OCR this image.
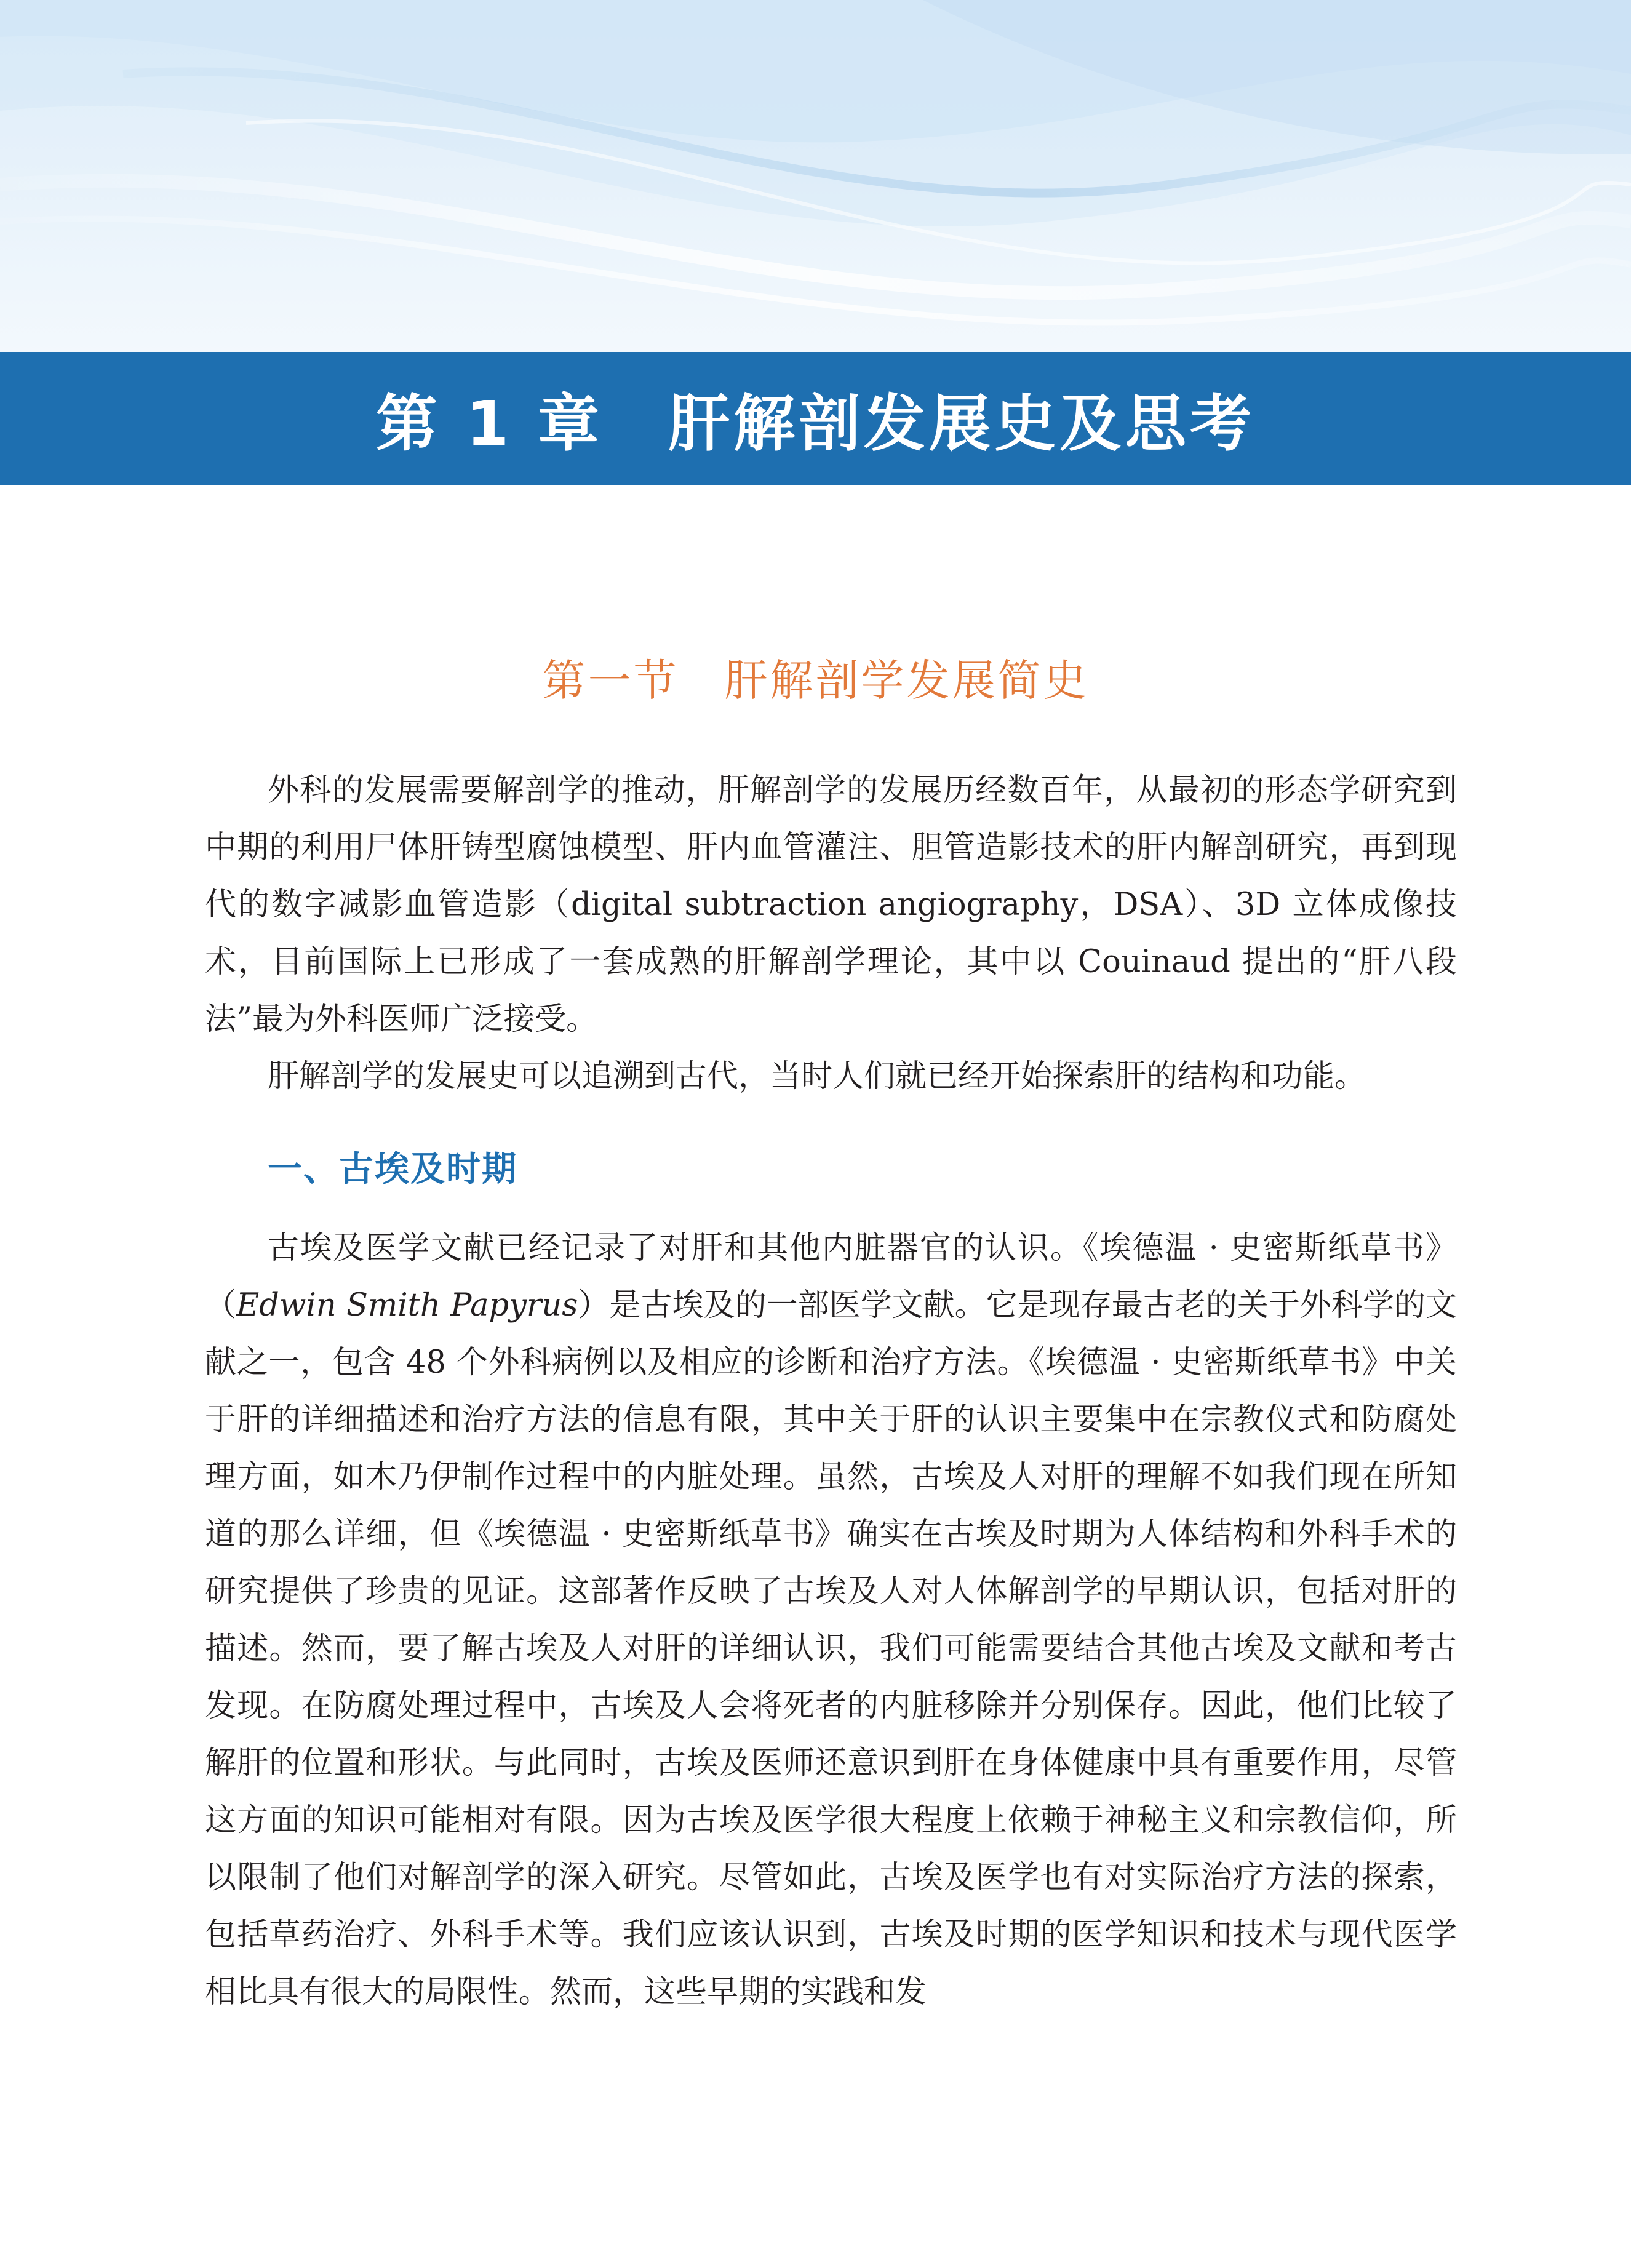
第 1 章　肝解剖发展史及思考
第一节　肝解剖学发展简史

外科的发展需要解剖学的推动，肝解剖学的发展历经数百年，从最初的形态学研究到中期的利用尸体肝铸型腐蚀模型、肝内血管灌注、胆管造影技术的肝内解剖研究，再到现代的数字减影血管造影（digital subtraction angiography，DSA）、3D 立体成像技术，目前国际上已形成了一套成熟的肝解剖学理论，其中以 Couinaud 提出的“肝八段法”最为外科医师广泛接受。

肝解剖学的发展史可以追溯到古代，当时人们就已经开始探索肝的结构和功能。

一、古埃及时期

古埃及医学文献已经记录了对肝和其他内脏器官的认识。《埃德温 · 史密斯纸草书》（Edwin Smith Papyrus）是古埃及的一部医学文献。它是现存最古老的关于外科学的文献之一，包含 48 个外科病例以及相应的诊断和治疗方法。《埃德温 · 史密斯纸草书》中关于肝的详细描述和治疗方法的信息有限，其中关于肝的认识主要集中在宗教仪式和防腐处理方面，如木乃伊制作过程中的内脏处理。虽然，古埃及人对肝的理解不如我们现在所知道的那么详细，但《埃德温 · 史密斯纸草书》确实在古埃及时期为人体结构和外科手术的研究提供了珍贵的见证。这部著作反映了古埃及人对人体解剖学的早期认识，包括对肝的描述。然而，要了解古埃及人对肝的详细认识，我们可能需要结合其他古埃及文献和考古发现。在防腐处理过程中，古埃及人会将死者的内脏移除并分别保存。因此，他们比较了解肝的位置和形状。与此同时，古埃及医师还意识到肝在身体健康中具有重要作用，尽管这方面的知识可能相对有限。因为古埃及医学很大程度上依赖于神秘主义和宗教信仰，所以限制了他们对解剖学的深入研究。尽管如此，古埃及医学也有对实际治疗方法的探索，包括草药治疗、外科手术等。我们应该认识到，古埃及时期的医学知识和技术与现代医学相比具有很大的局限性。然而，这些早期的实践和发
